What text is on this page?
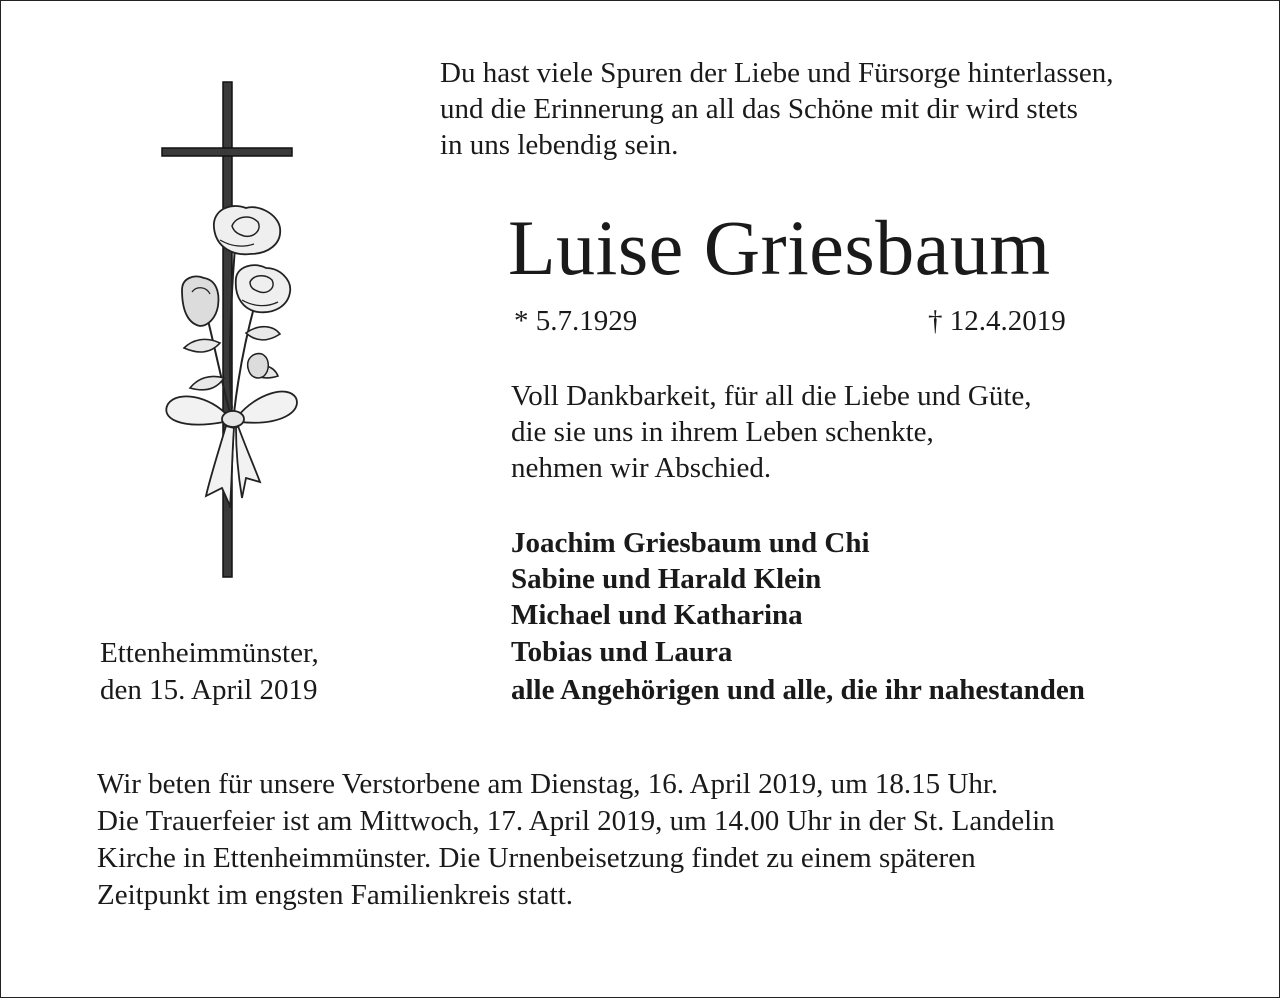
Du hast viele Spuren der Liebe und Fürsorge hinterlassen,
und die Erinnerung an all das Schöne mit dir wird stets
in uns lebendig sein.
Luise Griesbaum
* 5.7.1929	† 12.4.2019
Voll Dankbarkeit, für all die Liebe und Güte,
die sie uns in ihrem Leben schenkte,
nehmen wir Abschied.
Joachim Griesbaum und Chi
Sabine und Harald Klein
Michael und Katharina
Tobias und Laura
alle Angehörigen und alle, die ihr nahestanden
Ettenheimmünster,
den 15. April 2019
Wir beten für unsere Verstorbene am Dienstag, 16. April 2019, um 18.15 Uhr.
Die Trauerfeier ist am Mittwoch, 17. April 2019, um 14.00 Uhr in der St. Landelin
Kirche in Ettenheimmünster. Die Urnenbeisetzung findet zu einem späteren
Zeitpunkt im engsten Familienkreis statt.
